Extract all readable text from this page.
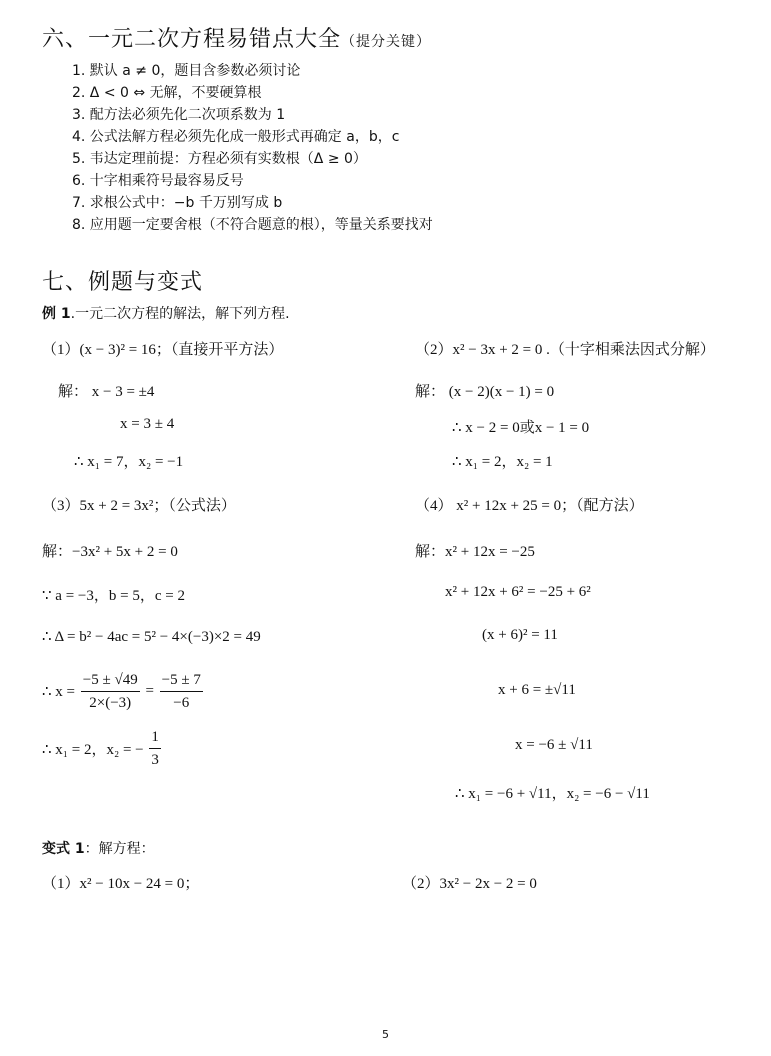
六、一元二次方程易错点大全（提分关键）
1. 默认 a ≠ 0，题目含参数必须讨论
2. Δ < 0 ⇔ 无解，不要硬算根
3. 配方法必须先化二次项系数为 1
4. 公式法解方程必须先化成一般形式再确定 a，b，c
5. 韦达定理前提：方程必须有实数根（Δ ≥ 0）
6. 十字相乘符号最容易反号
7. 求根公式中：−b 千万别写成 b
8. 应用题一定要舍根（不符合题意的根），等量关系要找对
七、例题与变式
例 1.一元二次方程的解法，解下列方程.
（1）(x − 3)² = 16；（直接开平方法）
解： x − 3 = ±4
x = 3 ± 4
∴ x₁ = 7，x₂ = −1
（2）x² − 3x + 2 = 0 .（十字相乘法因式分解）
解： (x − 2)(x − 1) = 0
∴ x − 2 = 0或x − 1 = 0
∴ x₁ = 2，x₂ = 1
（3）5x + 2 = 3x²；（公式法）
解：−3x² + 5x + 2 = 0
∵ a = −3，b = 5，c = 2
∴ Δ = b² − 4ac = 5² − 4×(−3)×2 = 49
∴ $x = \frac{-5 \pm √49}{2\times(-3)} = \frac{-5 \pm 7}{-6}$
∴ x₁ = 2，x₂ = − $\frac{1}{3}$
（4） x² + 12x + 25 = 0；（配方法）
解：x² + 12x = −25
x² + 12x + 6² = −25 + 6²
(x + 6)² = 11
x + 6 = ±√11
x = −6 ± √11
∴ x₁ = −6 + √11，x₂ = −6 − √11
变式 1：解方程：
（1）x² − 10x − 24 = 0；	（2）3x² − 2x − 2 = 0
5
